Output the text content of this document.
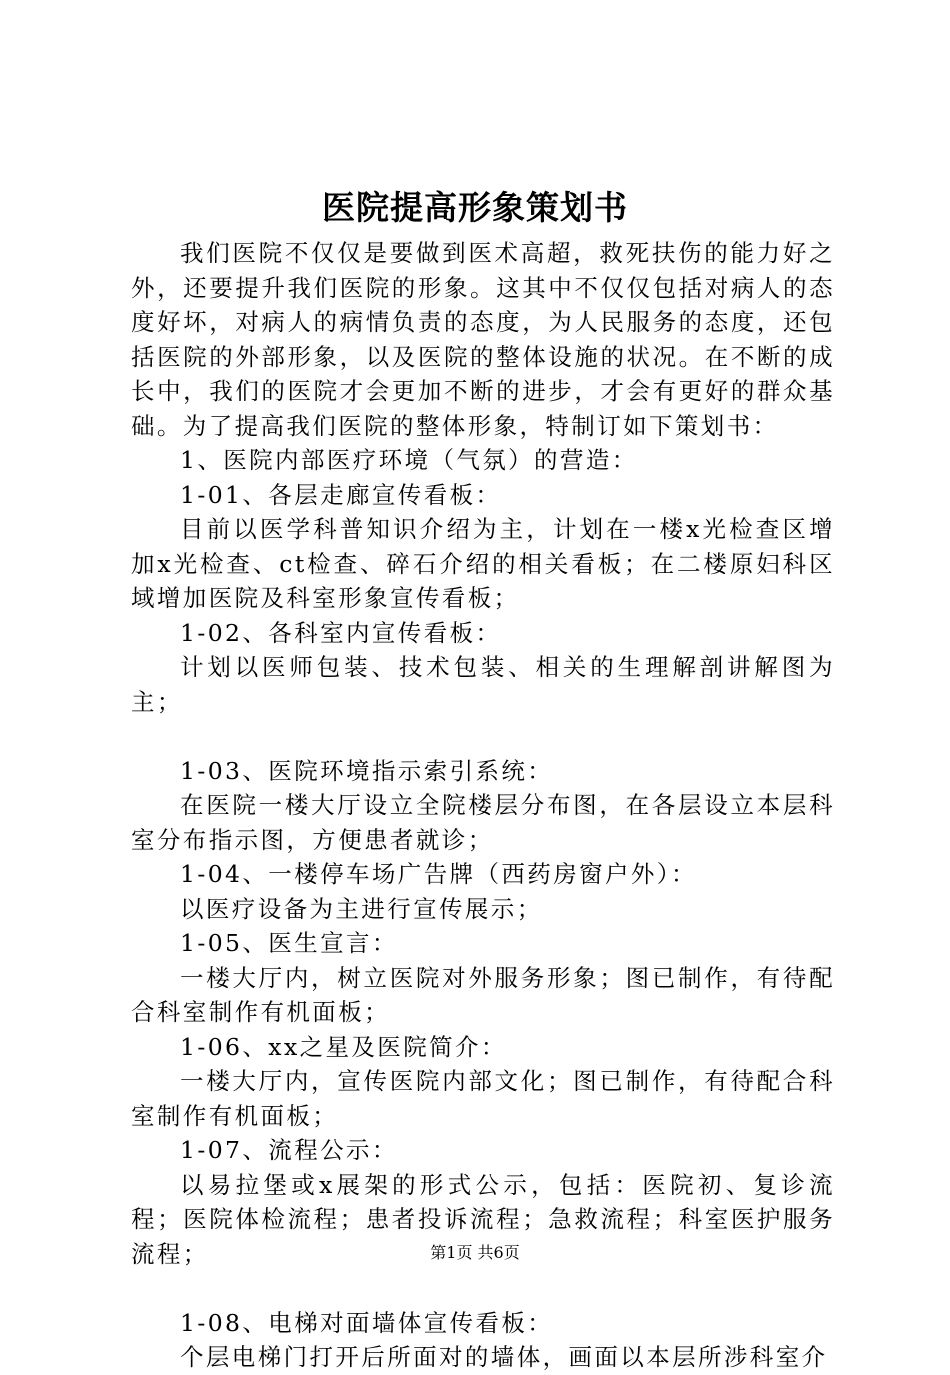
医院提高形象策划书

我们医院不仅仅是要做到医术高超，救死扶伤的能力好之外，还要提升我们医院的形象。这其中不仅仅包括对病人的态度好坏，对病人的病情负责的态度，为人民服务的态度，还包括医院的外部形象，以及医院的整体设施的状况。在不断的成长中，我们的医院才会更加不断的进步，才会有更好的群众基础。为了提高我们医院的整体形象，特制订如下策划书：

1、医院内部医疗环境（气氛）的营造：

1-01、各层走廊宣传看板：

目前以医学科普知识介绍为主，计划在一楼x光检查区增加x光检查、ct检查、碎石介绍的相关看板；在二楼原妇科区域增加医院及科室形象宣传看板；

1-02、各科室内宣传看板：

计划以医师包装、技术包装、相关的生理解剖讲解图为主；

1-03、医院环境指示索引系统：

在医院一楼大厅设立全院楼层分布图，在各层设立本层科室分布指示图，方便患者就诊；

1-04、一楼停车场广告牌（西药房窗户外）：

以医疗设备为主进行宣传展示；

1-05、医生宣言：

一楼大厅内，树立医院对外服务形象；图已制作，有待配合科室制作有机面板；

1-06、xx之星及医院简介：

一楼大厅内，宣传医院内部文化；图已制作，有待配合科室制作有机面板；

1-07、流程公示：

以易拉堡或x展架的形式公示，包括：医院初、复诊流程；医院体检流程；患者投诉流程；急救流程；科室医护服务流程；

1-08、电梯对面墙体宣传看板：

个层电梯门打开后所面对的墙体，画面以本层所涉科室介

第1页 共6页
